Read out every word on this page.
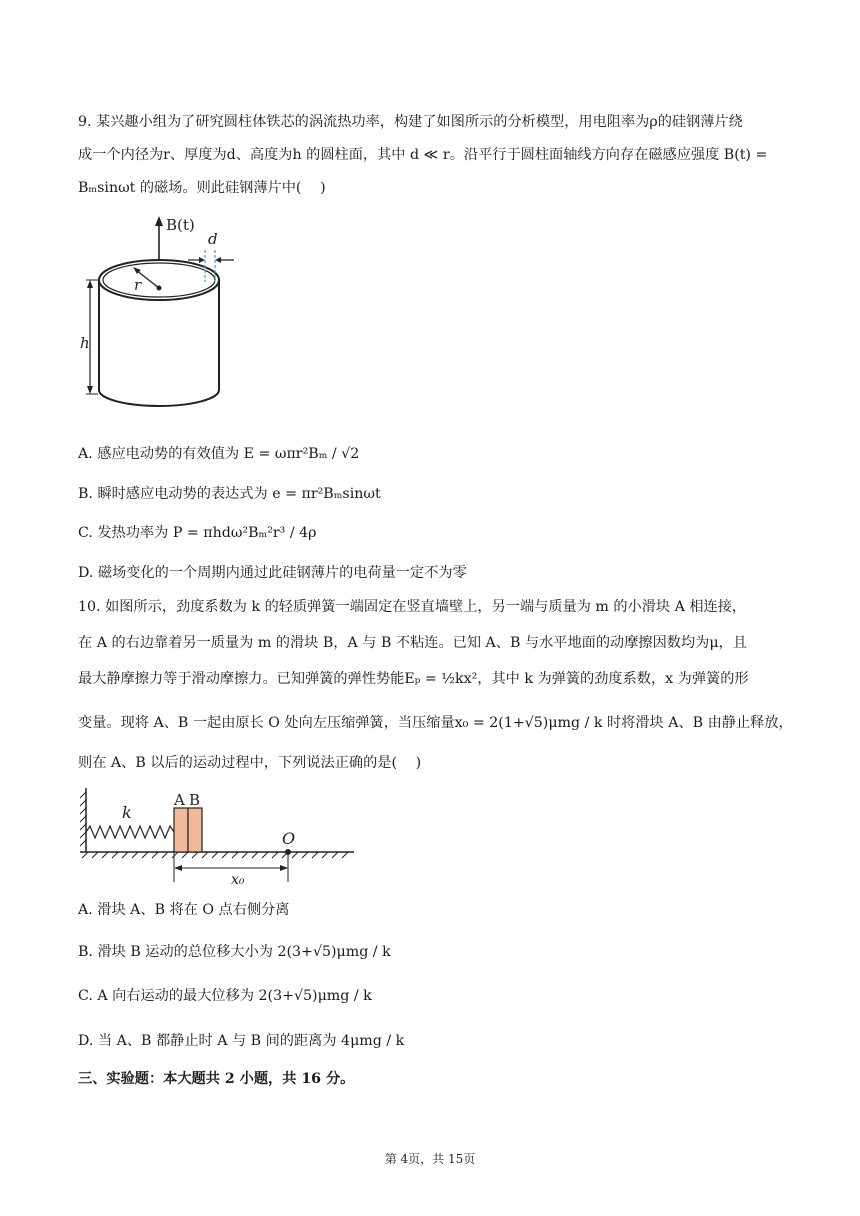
9. 某兴趣小组为了研究圆柱体铁芯的涡流热功率，构建了如图所示的分析模型，用电阻率为ρ的硅钢薄片绕
成一个内径为r、厚度为d、高度为h 的圆柱面，其中 d ≪ r。沿平行于圆柱面轴线方向存在磁感应强度 B(t) =
Bₘsinωt 的磁场。则此硅钢薄片中(　 )
r
B(t)
d
h
A. 感应电动势的有效值为 E = ωπr²Bₘ / √2
B. 瞬时感应电动势的表达式为 e = πr²Bₘsinωt
C. 发热功率为 P = πhdω²Bₘ²r³ / 4ρ
D. 磁场变化的一个周期内通过此硅钢薄片的电荷量一定不为零
10. 如图所示，劲度系数为 k 的轻质弹簧一端固定在竖直墙壁上，另一端与质量为 m 的小滑块 A 相连接，
在 A 的右边靠着另一质量为 m 的滑块 B，A 与 B 不粘连。已知 A、B 与水平地面的动摩擦因数均为μ，且
最大静摩擦力等于滑动摩擦力。已知弹簧的弹性势能Eₚ = ½kx²，其中 k 为弹簧的劲度系数，x 为弹簧的形
变量。现将 A、B 一起由原长 O 处向左压缩弹簧，当压缩量x₀ = 2(1+√5)μmg / k 时将滑块 A、B 由静止释放，
则在 A、B 以后的运动过程中，下列说法正确的是(　 )
k
A B
O
x₀
A. 滑块 A、B 将在 O 点右侧分离
B. 滑块 B 运动的总位移大小为 2(3+√5)μmg / k
C. A 向右运动的最大位移为 2(3+√5)μmg / k
D. 当 A、B 都静止时 A 与 B 间的距离为 4μmg / k
三、实验题：本大题共 2 小题，共 16 分。
第 4页，共 15页
